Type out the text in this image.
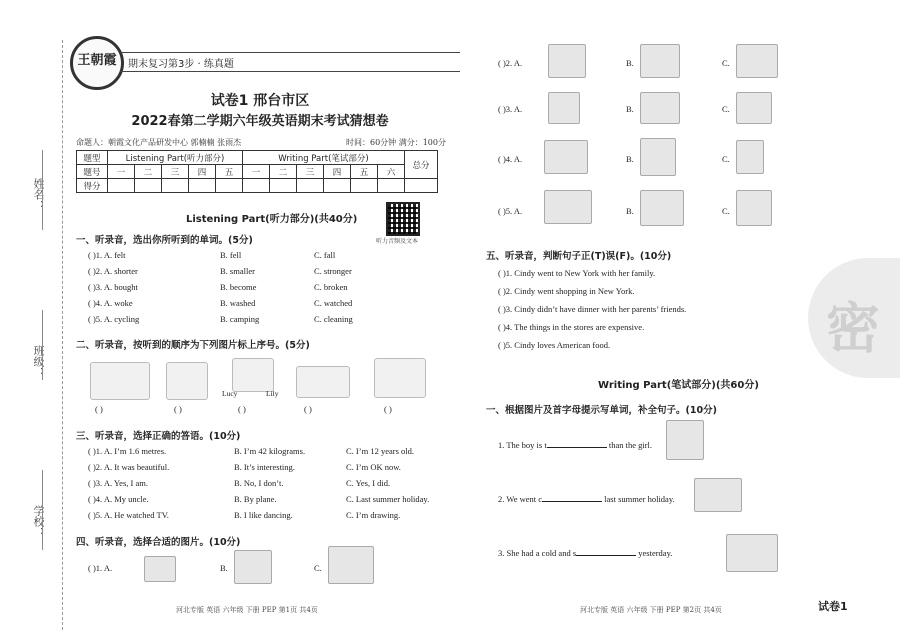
姓名：
班级：
学校：
王朝霞	期末复习第3步 · 练真题
试卷1 邢台市区
2022春第二学期六年级英语期末考试猜想卷
命题人：朝霞文化产品研发中心 郭楠楠 张雨杰	时间：60分钟 满分：100分
题型	Listening Part(听力部分)					Writing Part(笔试部分)						总分
题号	一	二	三	四	五	一	二	三	四	五	六	
得分												
Listening Part(听力部分)(共40分)
听力音频及文本
一、听录音，选出你所听到的单词。(5分)
( )1. A. felt	B. fell	C. fall
( )2. A. shorter	B. smaller	C. stronger
( )3. A. bought	B. become	C. broken
( )4. A. woke	B. washed	C. watched
( )5. A. cycling	B. camping	C. cleaning
二、听录音，按听到的顺序为下列图片标上序号。(5分)
Lucy	Lily
( )	( )	( )	( )	( )
三、听录音，选择正确的答语。(10分)
( )1. A. I’m 1.6 metres.	B. I’m 42 kilograms.	C. I’m 12 years old.
( )2. A. It was beautiful.	B. It’s interesting.	C. I’m OK now.
( )3. A. Yes, I am.	B. No, I don’t.	C. Yes, I did.
( )4. A. My uncle.	B. By plane.	C. Last summer holiday.
( )5. A. He watched TV.	B. I like dancing.	C. I’m drawing.
四、听录音，选择合适的图片。(10分)
( )1. A.	B.	C.
河北专版 英语 六年级 下册 PEP 第1页 共4页
( )2. A.	B.	C.
( )3. A.	B.	C.
( )4. A.	B.	C.
( )5. A.	B.	C.
五、听录音，判断句子正(T)误(F)。(10分)
( )1. Cindy went to New York with her family.
( )2. Cindy went shopping in New York.
( )3. Cindy didn’t have dinner with her parents’ friends.
( )4. The things in the stores are expensive.
( )5. Cindy loves American food.
Writing Part(笔试部分)(共60分)
一、根据图片及首字母提示写单词，补全句子。(10分)
1. The boy is t	than the girl.
2. We went c	last summer holiday.
3. She had a cold and s	yesterday.
密
河北专版 英语 六年级 下册 PEP 第2页 共4页	试卷1
